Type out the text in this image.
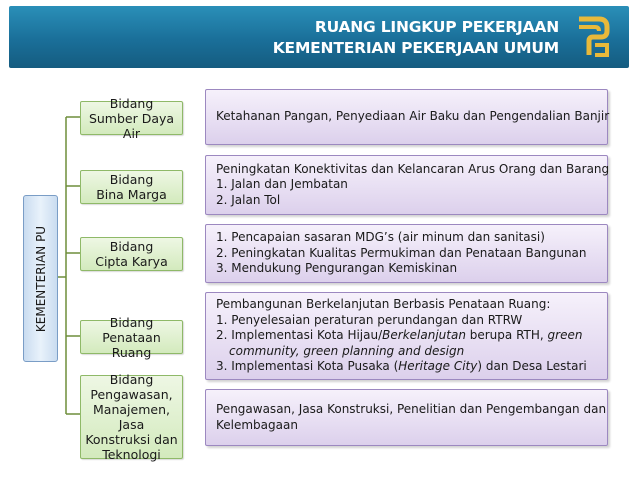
RUANG LINGKUP PEKERJAAN
KEMENTERIAN PEKERJAAN UMUM
KEMENTERIAN PU
Bidang
Sumber Daya Air
Ketahanan Pangan, Penyediaan Air Baku dan Pengendalian Banjir
Bidang
Bina Marga
Peningkatan Konektivitas dan Kelancaran Arus Orang dan Barang
1. Jalan dan Jembatan
2. Jalan Tol
Bidang
Cipta Karya
1. Pencapaian sasaran MDG’s (air minum dan sanitasi)
2. Peningkatan Kualitas Permukiman dan Penataan Bangunan
3. Mendukung Pengurangan Kemiskinan
Bidang
Penataan Ruang
Pembangunan Berkelanjutan Berbasis Penataan Ruang:
1. Penyelesaian peraturan perundangan dan RTRW
2. Implementasi Kota Hijau/Berkelanjutan berupa RTH, green
community, green planning and design
3. Implementasi Kota Pusaka (Heritage City) dan Desa Lestari
Bidang
Pengawasan,
Manajemen, Jasa
Konstruksi dan
Teknologi
Pengawasan, Jasa Konstruksi, Penelitian dan Pengembangan dan
Kelembagaan
